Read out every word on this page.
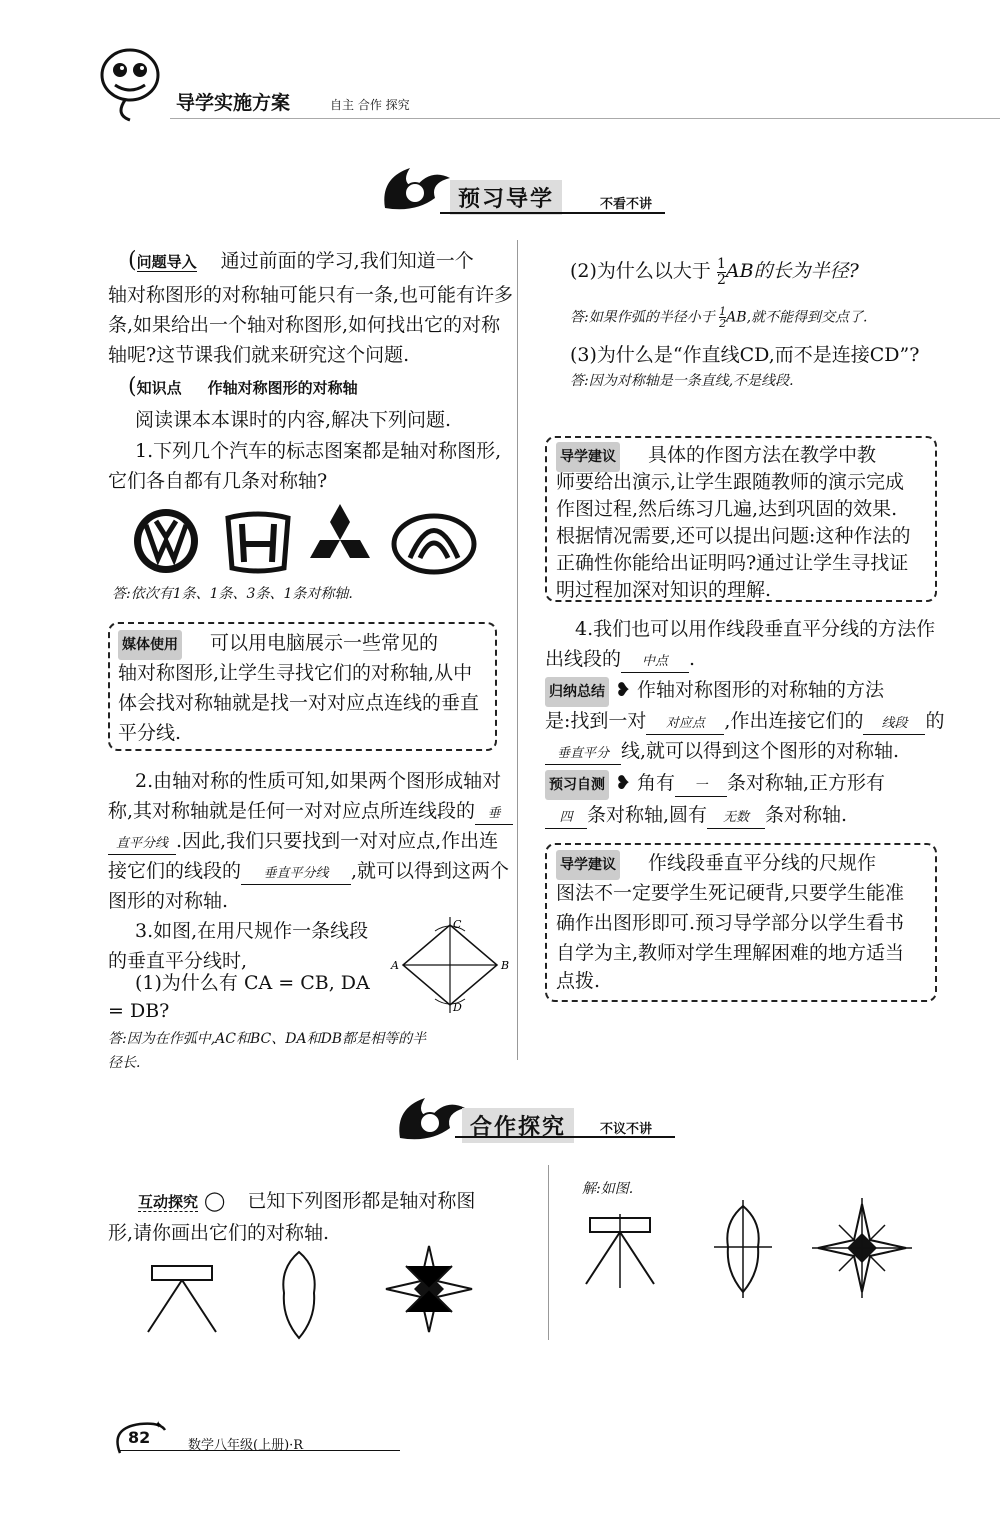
导学实施方案	自主 合作 探究
预习导学	不看不讲
(问题导入 通过前面的学习,我们知道一个
轴对称图形的对称轴可能只有一条,也可能有许多
条,如果给出一个轴对称图形,如何找出它的对称
轴呢?这节课我们就来研究这个问题.
(知识点 作轴对称图形的对称轴
阅读课本本课时的内容,解决下列问题.
1.下列几个汽车的标志图案都是轴对称图形,
它们各自都有几条对称轴?
答:依次有1条、1条、3条、1条对称轴.
媒体使用 可以用电脑展示一些常见的
轴对称图形,让学生寻找它们的对称轴,从中
体会找对称轴就是找一对对应点连线的垂直
平分线.
2.由轴对称的性质可知,如果两个图形成轴对
称,其对称轴就是任何一对对应点所连线段的 垂
直平分线 .因此,我们只要找到一对对应点,作出连
接它们的线段的 垂直平分线 ,就可以得到这两个
图形的对称轴.
3.如图,在用尺规作一条线段
的垂直平分线时,
(1)为什么有 CA = CB, DA
= DB?
C
B
A
D
答:因为在作弧中,AC和BC、DA和DB都是相等的半
径长.
(2)为什么以大于 $\frac{1}{2}$ AB的长为半径?
答:如果作弧的半径小于 $\frac{1}{2}$ AB,就不能得到交点了.
(3)为什么是“作直线CD,而不是连接CD”?
答:因为对称轴是一条直线,不是线段.
导学建议 具体的作图方法在教学中教
师要给出演示,让学生跟随教师的演示完成
作图过程,然后练习几遍,达到巩固的效果.
根据情况需要,还可以提出问题:这种作法的
正确性你能给出证明吗?通过让学生寻找证
明过程加深对知识的理解.
4.我们也可以用作线段垂直平分线的方法作
出线段的 中点 .
归纳总结 ❥ 作轴对称图形的对称轴的方法
是:找到一对 对应点 ,作出连接它们的 线段 的
垂直平分 线,就可以得到这个图形的对称轴.
预习自测 ❥ 角有 一 条对称轴,正方形有
四 条对称轴,圆有 无数 条对称轴.
导学建议 作线段垂直平分线的尺规作
图法不一定要学生死记硬背,只要学生能准
确作出图形即可.预习导学部分以学生看书
自学为主,教师对学生理解困难的地方适当
点拨.
合作探究	不议不讲
互动探究 ◯ 已知下列图形都是轴对称图
形,请你画出它们的对称轴.
解:如图.
✦
82	数学八年级(上册)·R
